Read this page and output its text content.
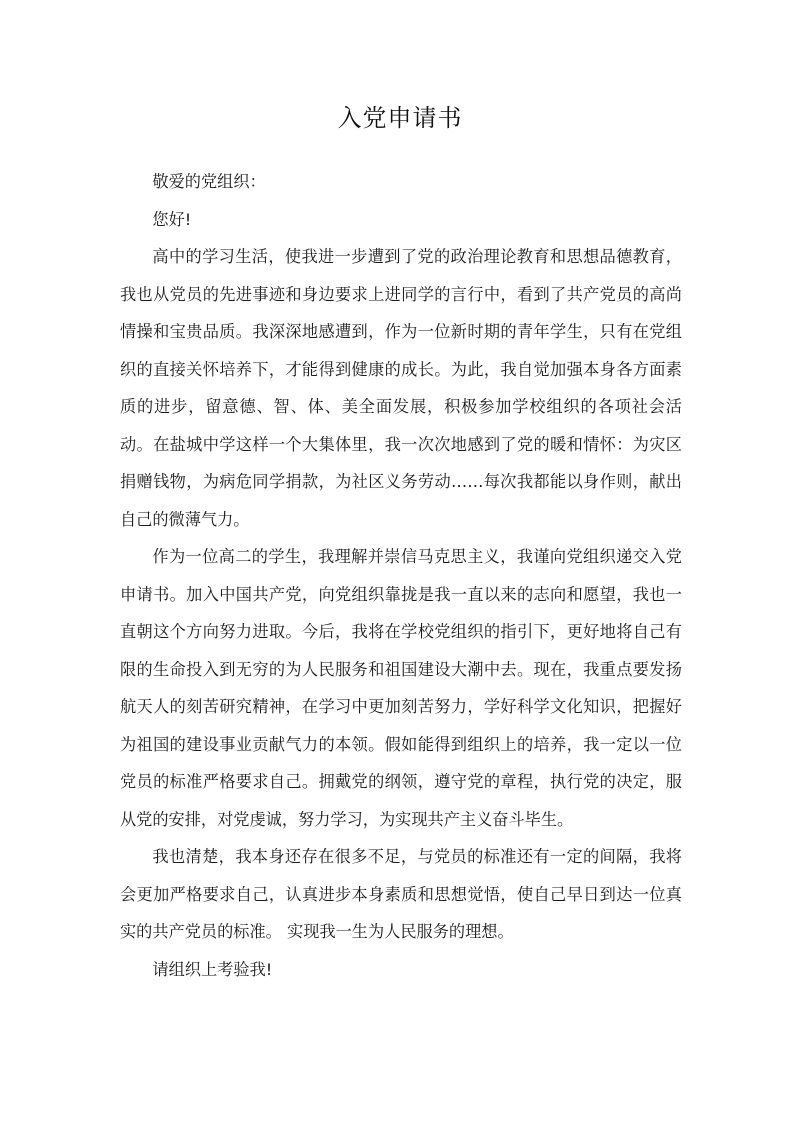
入党申请书

敬爱的党组织：

您好!

高中的学习生活，使我进一步遭到了党的政治理论教育和思想品德教育，我也从党员的先进事迹和身边要求上进同学的言行中，看到了共产党员的高尚情操和宝贵品质。我深深地感遭到，作为一位新时期的青年学生，只有在党组织的直接关怀培养下，才能得到健康的成长。为此，我自觉加强本身各方面素质的进步，留意德、智、体、美全面发展，积极参加学校组织的各项社会活动。在盐城中学这样一个大集体里，我一次次地感到了党的暖和情怀：为灾区捐赠钱物，为病危同学捐款，为社区义务劳动……每次我都能以身作则，献出自己的微薄气力。

作为一位高二的学生，我理解并崇信马克思主义，我谨向党组织递交入党申请书。加入中国共产党，向党组织靠拢是我一直以来的志向和愿望，我也一直朝这个方向努力进取。今后，我将在学校党组织的指引下，更好地将自己有限的生命投入到无穷的为人民服务和祖国建设大潮中去。现在，我重点要发扬航天人的刻苦研究精神，在学习中更加刻苦努力，学好科学文化知识，把握好为祖国的建设事业贡献气力的本领。假如能得到组织上的培养，我一定以一位党员的标准严格要求自己。拥戴党的纲领，遵守党的章程，执行党的决定，服从党的安排，对党虔诚，努力学习，为实现共产主义奋斗毕生。

我也清楚，我本身还存在很多不足，与党员的标准还有一定的间隔，我将会更加严格要求自己，认真进步本身素质和思想觉悟，使自己早日到达一位真实的共产党员的标准。 实现我一生为人民服务的理想。

请组织上考验我!
